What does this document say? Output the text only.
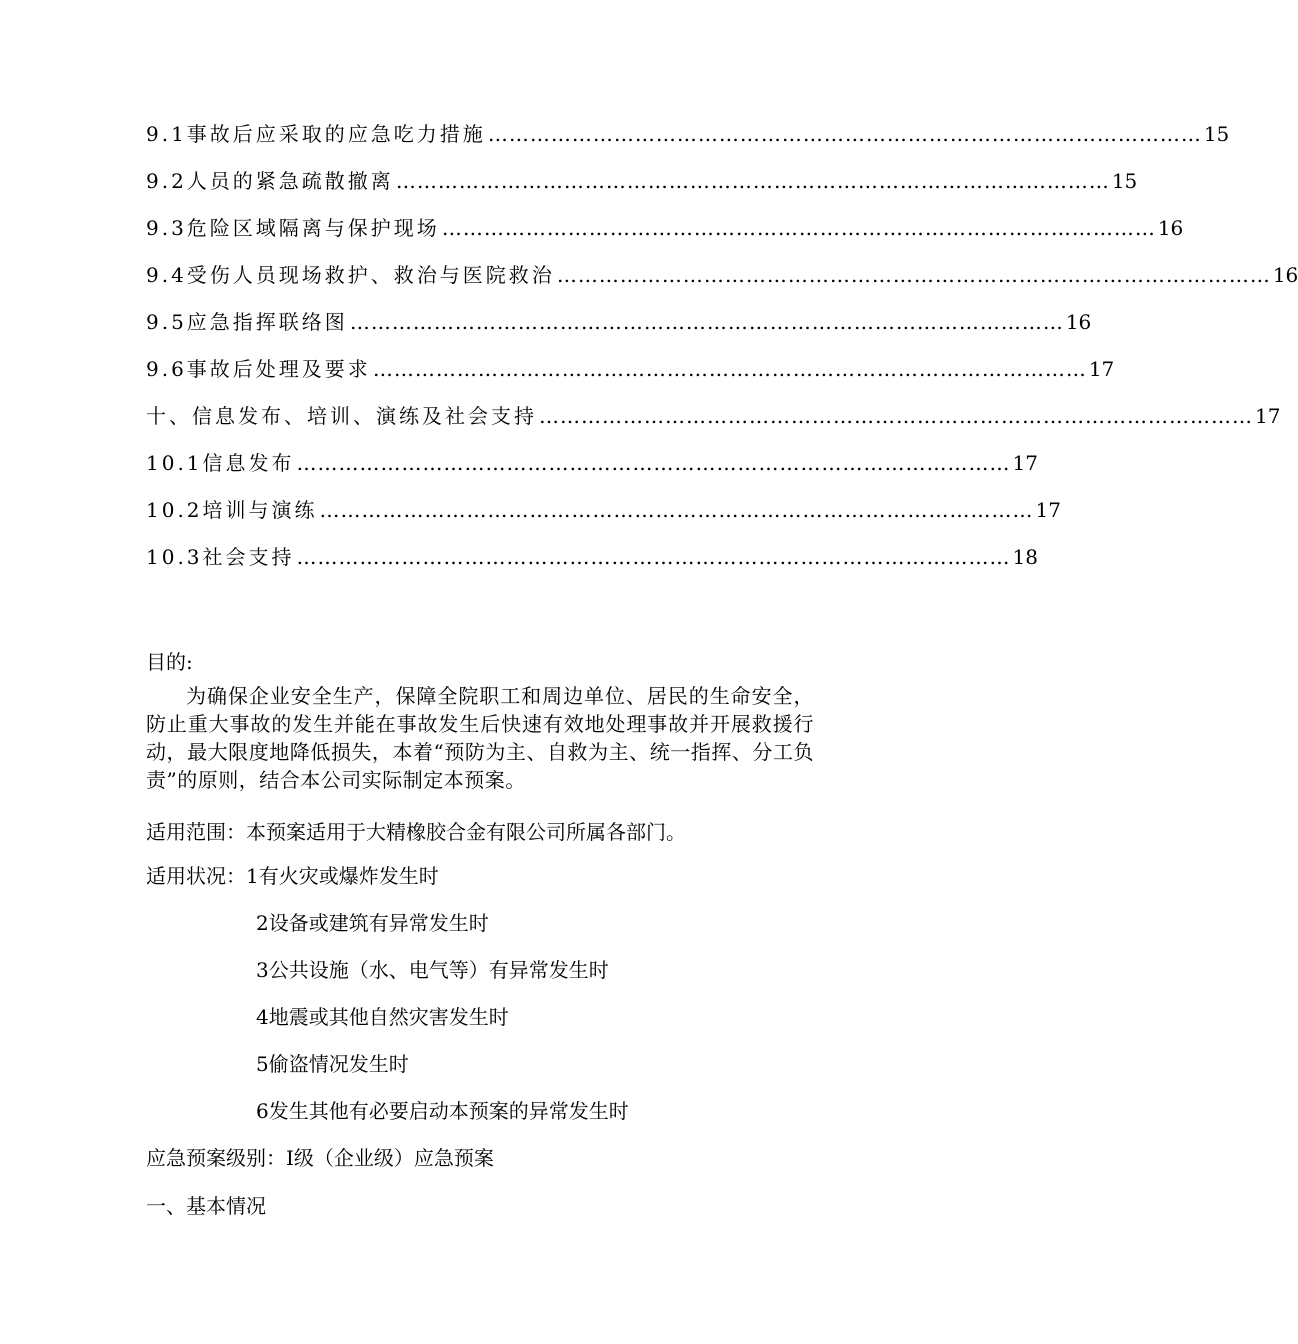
9.1事故后应采取的应急吃力措施 ………………………………………………………………………………………… 15
9.2人员的紧急疏散撤离 ………………………………………………………………………………………… 15
9.3危险区域隔离与保护现场 ………………………………………………………………………………………… 16
9.4受伤人员现场救护、救治与医院救治 ………………………………………………………………………………………… 16
9.5应急指挥联络图 ………………………………………………………………………………………… 16
9.6事故后处理及要求 ………………………………………………………………………………………… 17
十、信息发布、培训、演练及社会支持 ………………………………………………………………………………………… 17
10.1信息发布 ………………………………………………………………………………………… 17
10.2培训与演练 ………………………………………………………………………………………… 17
10.3社会支持 ………………………………………………………………………………………… 18
目的:

为确保企业安全生产，保障全院职工和周边单位、居民的生命安全，防止重大事故的发生并能在事故发生后快速有效地处理事故并开展救援行动，最大限度地降低损失，本着“预防为主、自救为主、统一指挥、分工负责”的原则，结合本公司实际制定本预案。

适用范围：本预案适用于大精橡胶合金有限公司所属各部门。
适用状况：1有火灾或爆炸发生时
2设备或建筑有异常发生时
3公共设施（水、电气等）有异常发生时
4地震或其他自然灾害发生时
5偷盗情况发生时
6发生其他有必要启动本预案的异常发生时
应急预案级别：Ⅰ级（企业级）应急预案
一、基本情况
